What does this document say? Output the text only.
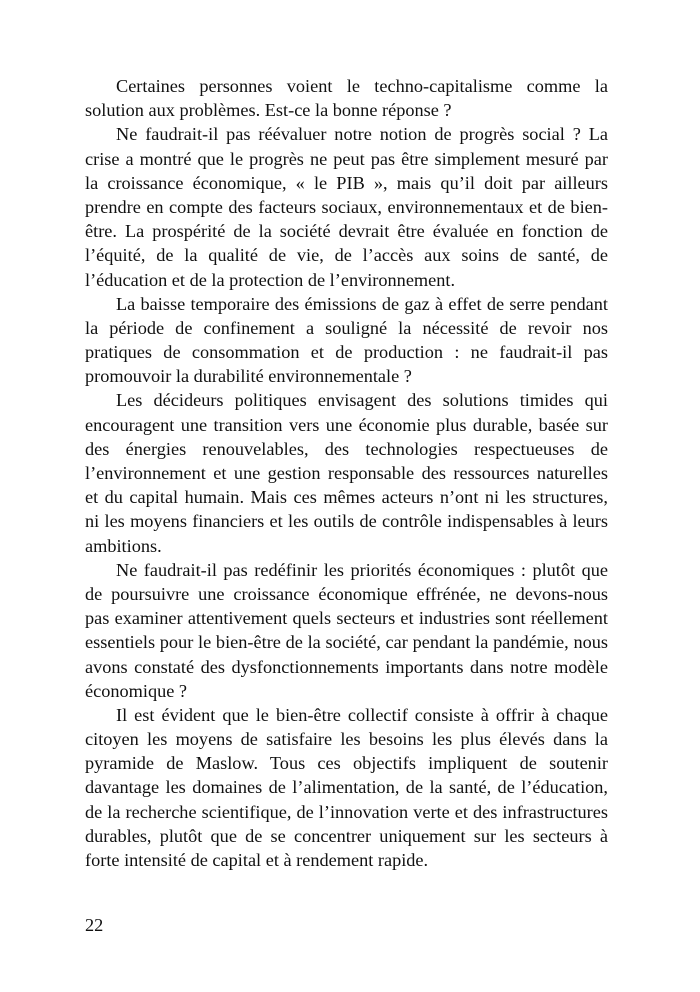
Certaines personnes voient le techno-capitalisme comme la
solution aux problèmes. Est-ce la bonne réponse ?
Ne faudrait-il pas réévaluer notre notion de progrès social ? La
crise a montré que le progrès ne peut pas être simplement mesuré par
la croissance économique, « le PIB », mais qu’il doit par ailleurs
prendre en compte des facteurs sociaux, environnementaux et de bien-
être. La prospérité de la société devrait être évaluée en fonction de
l’équité, de la qualité de vie, de l’accès aux soins de santé, de
l’éducation et de la protection de l’environnement.
La baisse temporaire des émissions de gaz à effet de serre pendant
la période de confinement a souligné la nécessité de revoir nos
pratiques de consommation et de production : ne faudrait-il pas
promouvoir la durabilité environnementale ?
Les décideurs politiques envisagent des solutions timides qui
encouragent une transition vers une économie plus durable, basée sur
des énergies renouvelables, des technologies respectueuses de
l’environnement et une gestion responsable des ressources naturelles
et du capital humain. Mais ces mêmes acteurs n’ont ni les structures,
ni les moyens financiers et les outils de contrôle indispensables à leurs
ambitions.
Ne faudrait-il pas redéfinir les priorités économiques : plutôt que
de poursuivre une croissance économique effrénée, ne devons-nous
pas examiner attentivement quels secteurs et industries sont réellement
essentiels pour le bien-être de la société, car pendant la pandémie, nous
avons constaté des dysfonctionnements importants dans notre modèle
économique ?
Il est évident que le bien-être collectif consiste à offrir à chaque
citoyen les moyens de satisfaire les besoins les plus élevés dans la
pyramide de Maslow. Tous ces objectifs impliquent de soutenir
davantage les domaines de l’alimentation, de la santé, de l’éducation,
de la recherche scientifique, de l’innovation verte et des infrastructures
durables, plutôt que de se concentrer uniquement sur les secteurs à
forte intensité de capital et à rendement rapide.
22
